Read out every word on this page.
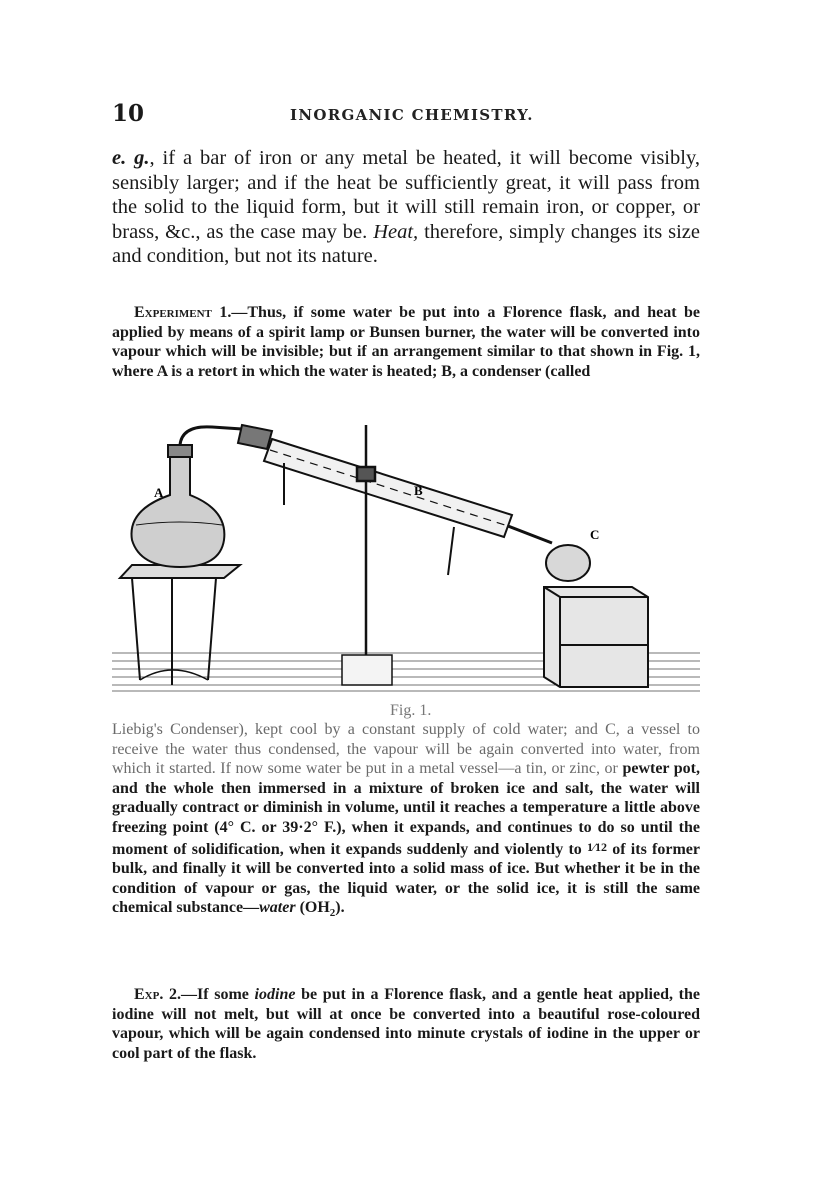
10	INORGANIC CHEMISTRY.
e. g., if a bar of iron or any metal be heated, it will become visibly, sensibly larger; and if the heat be sufficiently great, it will pass from the solid to the liquid form, but it will still remain iron, or copper, or brass, &c., as the case may be. Heat, therefore, simply changes its size and condition, but not its nature.
Experiment 1.—Thus, if some water be put into a Florence flask, and heat be applied by means of a spirit lamp or Bunsen burner, the water will be converted into vapour which will be invisible; but if an arrangement similar to that shown in Fig. 1, where A is a retort in which the water is heated; B, a condenser (called
A	B
C
Fig. 1.
Liebig's Condenser), kept cool by a constant supply of cold water; and C, a vessel to receive the water thus condensed, the vapour will be again converted into water, from which it started. If now some water be put in a metal vessel—a tin, or zinc, or pewter pot, and the whole then immersed in a mixture of broken ice and salt, the water will gradually contract or diminish in volume, until it reaches a temperature a little above freezing point (4° C. or 39·2° F.), when it expands, and continues to do so until the moment of solidification, when it expands suddenly and violently to 1⁄12 of its former bulk, and finally it will be converted into a solid mass of ice. But whether it be in the condition of vapour or gas, the liquid water, or the solid ice, it is still the same chemical substance—water $(OH_2)$.
Exp. 2.—If some iodine be put in a Florence flask, and a gentle heat applied, the iodine will not melt, but will at once be converted into a beautiful rose-coloured vapour, which will be again condensed into minute crystals of iodine in the upper or cool part of the flask.
